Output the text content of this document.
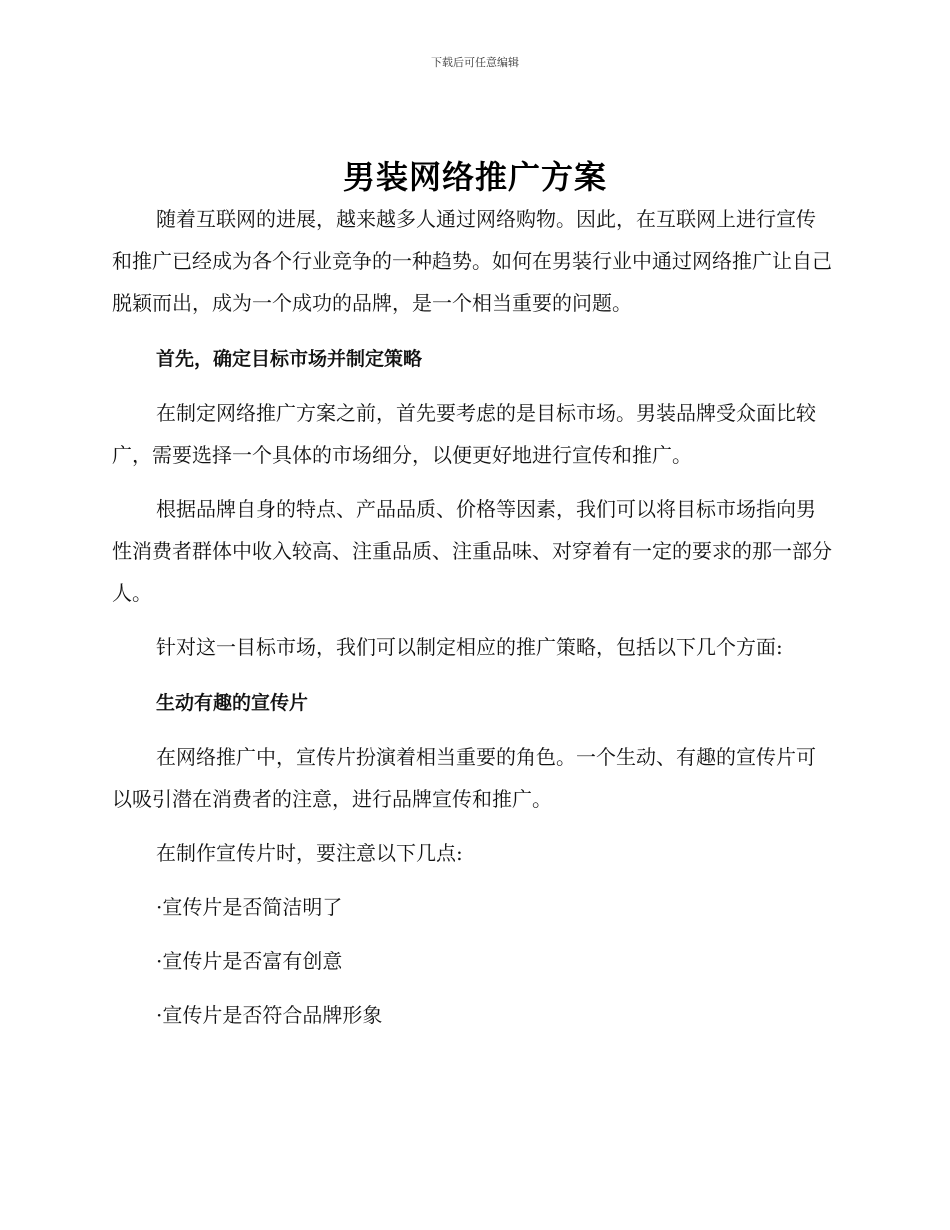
下载后可任意编辑
男装网络推广方案

随着互联网的进展，越来越多人通过网络购物。因此，在互联网上进行宣传和推广已经成为各个行业竞争的一种趋势。如何在男装行业中通过网络推广让自己脱颖而出，成为一个成功的品牌，是一个相当重要的问题。

首先，确定目标市场并制定策略

在制定网络推广方案之前，首先要考虑的是目标市场。男装品牌受众面比较广，需要选择一个具体的市场细分，以便更好地进行宣传和推广。

根据品牌自身的特点、产品品质、价格等因素，我们可以将目标市场指向男性消费者群体中收入较高、注重品质、注重品味、对穿着有一定的要求的那一部分人。

针对这一目标市场，我们可以制定相应的推广策略，包括以下几个方面:

生动有趣的宣传片

在网络推广中，宣传片扮演着相当重要的角色。一个生动、有趣的宣传片可以吸引潜在消费者的注意，进行品牌宣传和推广。

在制作宣传片时，要注意以下几点:

·宣传片是否简洁明了

·宣传片是否富有创意

·宣传片是否符合品牌形象
